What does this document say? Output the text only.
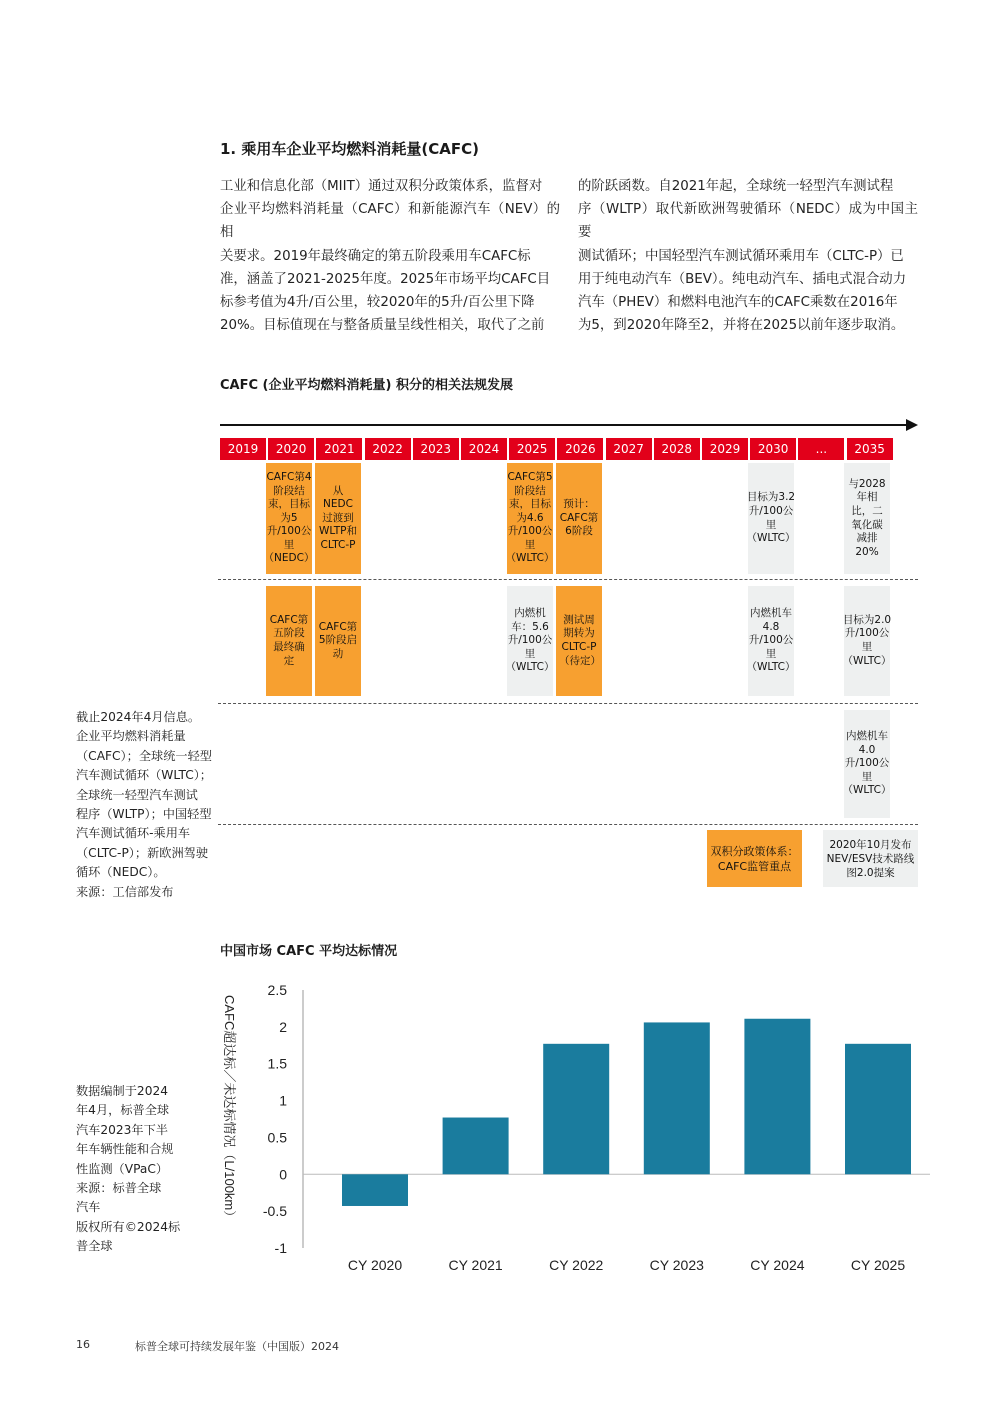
1. 乘用车企业平均燃料消耗量(CAFC)
工业和信息化部（MIIT）通过双积分政策体系，监督对
企业平均燃料消耗量（CAFC）和新能源汽车（NEV）的相
关要求。2019年最终确定的第五阶段乘用车CAFC标
准，涵盖了2021-2025年度。2025年市场平均CAFC目
标参考值为4升/百公里，较2020年的5升/百公里下降
20%。目标值现在与整备质量呈线性相关，取代了之前
的阶跃函数。自2021年起，全球统一轻型汽车测试程
序（WLTP）取代新欧洲驾驶循环（NEDC）成为中国主要
测试循环；中国轻型汽车测试循环乘用车（CLTC-P）已
用于纯电动汽车（BEV）。纯电动汽车、插电式混合动力
汽车（PHEV）和燃料电池汽车的CAFC乘数在2016年
为5，到2020年降至2，并将在2025以前年逐步取消。
CAFC (企业平均燃料消耗量) 积分的相关法规发展
2019	2020	2021	2022	2023	2024	2025	2026	2027	2028	2029	2030	...	2035
CAFC第4阶段结束，目标为5升/100公里（NEDC）
从NEDC过渡到WLTP和CLTC-P
CAFC第5阶段结束，目标为4.6升/100公里（WLTC）
预计：CAFC第6阶段
目标为3.2升/100公里（WLTC）
与2028年相比，二氧化碳减排20%
CAFC第五阶段最终确定
CAFC第5阶段启动
内燃机车：5.6升/100公里（WLTC）
测试周期转为CLTC-P（待定）
内燃机车4.8升/100公里（WLTC）
目标为2.0升/100公里（WLTC）
内燃机车4.0升/100公里（WLTC）
双积分政策体系：CAFC监管重点
2020年10月发布NEV/ESV技术路线图2.0提案
截止2024年4月信息。
企业平均燃料消耗量
（CAFC）；全球统一轻型
汽车测试循环（WLTC）；
全球统一轻型汽车测试
程序（WLTP）；中国轻型
汽车测试循环-乘用车
（CLTC-P）；新欧洲驾驶
循环（NEDC）。
来源：工信部发布
中国市场 CAFC 平均达标情况
2.5
2
1.5
1
0.5
0
-0.5
-1
CAFC超达标／未达标情况（L/100km）
CY 2020	CY 2021	CY 2022	CY 2023	CY 2024	CY 2025
数据编制于2024
年4月，标普全球
汽车2023年下半
年车辆性能和合规
性监测（VPaC）
来源：标普全球
汽车
版权所有©2024标
普全球
16	标普全球可持续发展年鉴（中国版）2024
